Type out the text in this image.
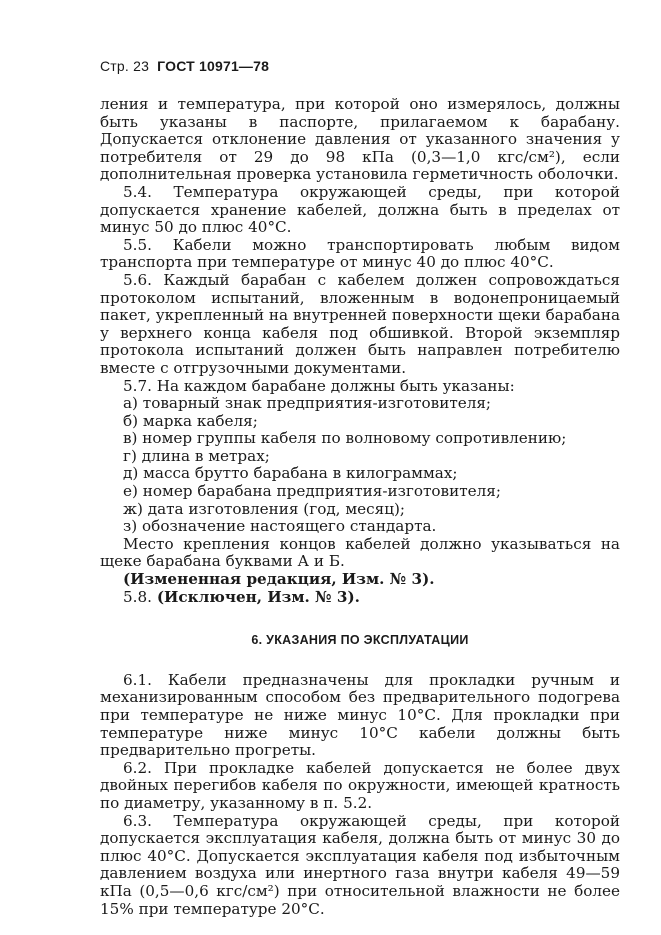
Стр. 23 ГОСТ 10971—78

ления и температура, при которой оно измерялось, должны быть указаны в паспорте, прилагаемом к барабану. Допускается отклонение давления от указанного значения у потребителя от 29 до 98 кПа (0,3—1,0 кгс/см²), если дополнительная проверка установила герметичность оболочки.

5.4. Температура окружающей среды, при которой допускается хранение кабелей, должна быть в пределах от минус 50 до плюс 40°С.

5.5. Кабели можно транспортировать любым видом транспорта при температуре от минус 40 до плюс 40°С.

5.6. Каждый барабан с кабелем должен сопровождаться протоколом испытаний, вложенным в водонепроницаемый пакет, укрепленный на внутренней поверхности щеки барабана у верхнего конца кабеля под обшивкой. Второй экземпляр протокола испытаний должен быть направлен потребителю вместе с отгрузочными документами.

5.7. На каждом барабане должны быть указаны:

а) товарный знак предприятия-изготовителя;

б) марка кабеля;

в) номер группы кабеля по волновому сопротивлению;

г) длина в метрах;

д) масса брутто барабана в килограммах;

е) номер барабана предприятия-изготовителя;

ж) дата изготовления (год, месяц);

з) обозначение настоящего стандарта.

Место крепления концов кабелей должно указываться на щеке барабана буквами А и Б.

(Измененная редакция, Изм. № 3).

5.8. (Исключен, Изм. № 3).

6. УКАЗАНИЯ ПО ЭКСПЛУАТАЦИИ

6.1. Кабели предназначены для прокладки ручным и механизированным способом без предварительного подогрева при температуре не ниже минус 10°С. Для прокладки при температуре ниже минус 10°С кабели должны быть предварительно прогреты.

6.2. При прокладке кабелей допускается не более двух двойных перегибов кабеля по окружности, имеющей кратность по диаметру, указанному в п. 5.2.

6.3. Температура окружающей среды, при которой допускается эксплуатация кабеля, должна быть от минус 30 до плюс 40°С. Допускается эксплуатация кабеля под избыточным давлением воздуха или инертного газа внутри кабеля 49—59 кПа (0,5—0,6 кгс/см²) при относительной влажности не более 15% при температуре 20°С.
